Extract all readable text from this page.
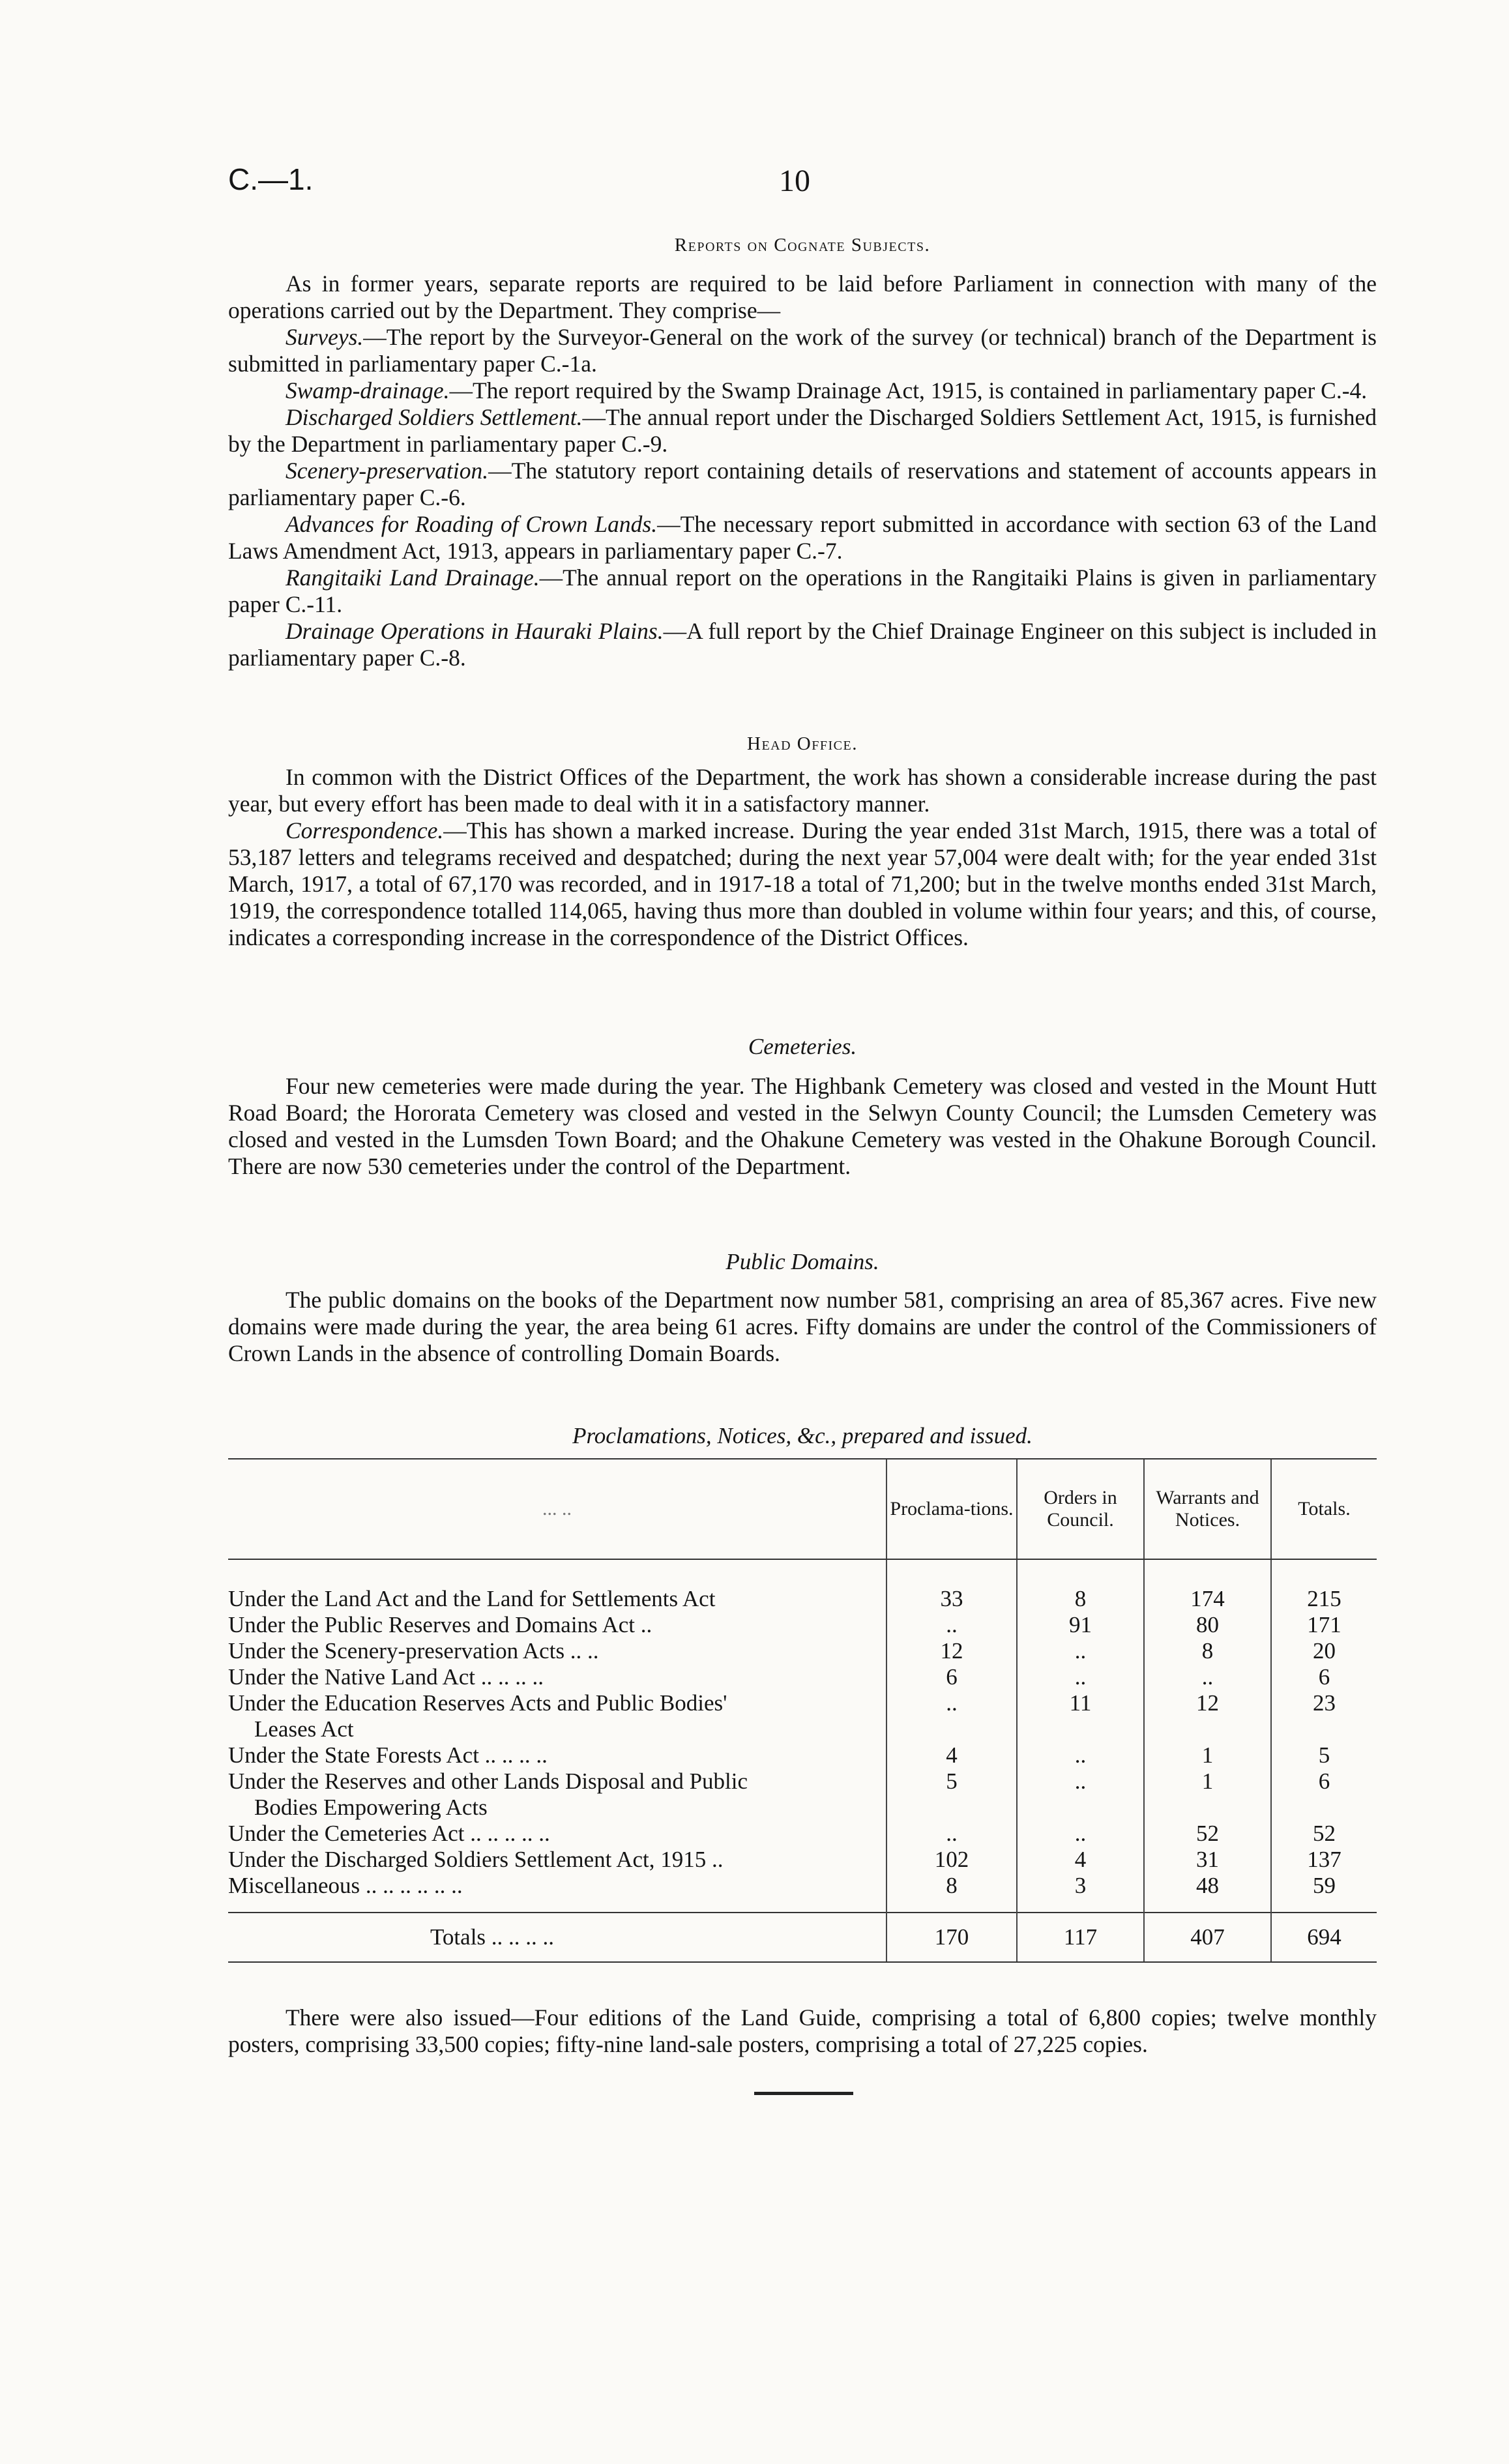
C.—1.	10
Reports on Cognate Subjects.

As in former years, separate reports are required to be laid before Parliament in connection with many of the operations carried out by the Department. They comprise—

Surveys.—The report by the Surveyor-General on the work of the survey (or technical) branch of the Department is submitted in parliamentary paper C.-1a.

Swamp-drainage.—The report required by the Swamp Drainage Act, 1915, is contained in parliamentary paper C.-4.

Discharged Soldiers Settlement.—The annual report under the Discharged Soldiers Settlement Act, 1915, is furnished by the Department in parliamentary paper C.-9.

Scenery-preservation.—The statutory report containing details of reservations and statement of accounts appears in parliamentary paper C.-6.

Advances for Roading of Crown Lands.—The necessary report submitted in accordance with section 63 of the Land Laws Amendment Act, 1913, appears in parliamentary paper C.-7.

Rangitaiki Land Drainage.—The annual report on the operations in the Rangitaiki Plains is given in parliamentary paper C.-11.

Drainage Operations in Hauraki Plains.—A full report by the Chief Drainage Engineer on this subject is included in parliamentary paper C.-8.

Head Office.

In common with the District Offices of the Department, the work has shown a considerable increase during the past year, but every effort has been made to deal with it in a satisfactory manner.

Correspondence.—This has shown a marked increase. During the year ended 31st March, 1915, there was a total of 53,187 letters and telegrams received and despatched; during the next year 57,004 were dealt with; for the year ended 31st March, 1917, a total of 67,170 was recorded, and in 1917-18 a total of 71,200; but in the twelve months ended 31st March, 1919, the correspondence totalled 114,065, having thus more than doubled in volume within four years; and this, of course, indicates a corresponding increase in the correspondence of the District Offices.

Cemeteries.

Four new cemeteries were made during the year. The Highbank Cemetery was closed and vested in the Mount Hutt Road Board; the Hororata Cemetery was closed and vested in the Selwyn County Council; the Lumsden Cemetery was closed and vested in the Lumsden Town Board; and the Ohakune Cemetery was vested in the Ohakune Borough Council. There are now 530 cemeteries under the control of the Department.

Public Domains.

The public domains on the books of the Department now number 581, comprising an area of 85,367 acres. Five new domains were made during the year, the area being 61 acres. Fifty domains are under the control of the Commissioners of Crown Lands in the absence of controlling Domain Boards.

Proclamations, Notices, &c., prepared and issued.
... ..	Proclama-tions.	Orders in Council.	Warrants and Notices.	Totals.

Under the Land Act and the Land for Settlements Act	33	8	174	215
Under the Public Reserves and Domains Act ..	..	91	80	171
Under the Scenery-preservation Acts .. ..	12	..	8	20
Under the Native Land Act .. .. .. ..	6	..	..	6
Under the Education Reserves Acts and Public Bodies'
Leases Act	..	11	12	23
Under the State Forests Act .. .. .. ..	4	..	1	5
Under the Reserves and other Lands Disposal and Public
Bodies Empowering Acts	5	..	1	6
Under the Cemeteries Act .. .. .. .. ..	..	..	52	52
Under the Discharged Soldiers Settlement Act, 1915 ..	102	4	31	137
Miscellaneous .. .. .. .. .. ..	8	3	48	59
Totals .. .. .. ..	170	117	407	694

There were also issued—Four editions of the Land Guide, comprising a total of 6,800 copies; twelve monthly posters, comprising 33,500 copies; fifty-nine land-sale posters, comprising a total of 27,225 copies.
